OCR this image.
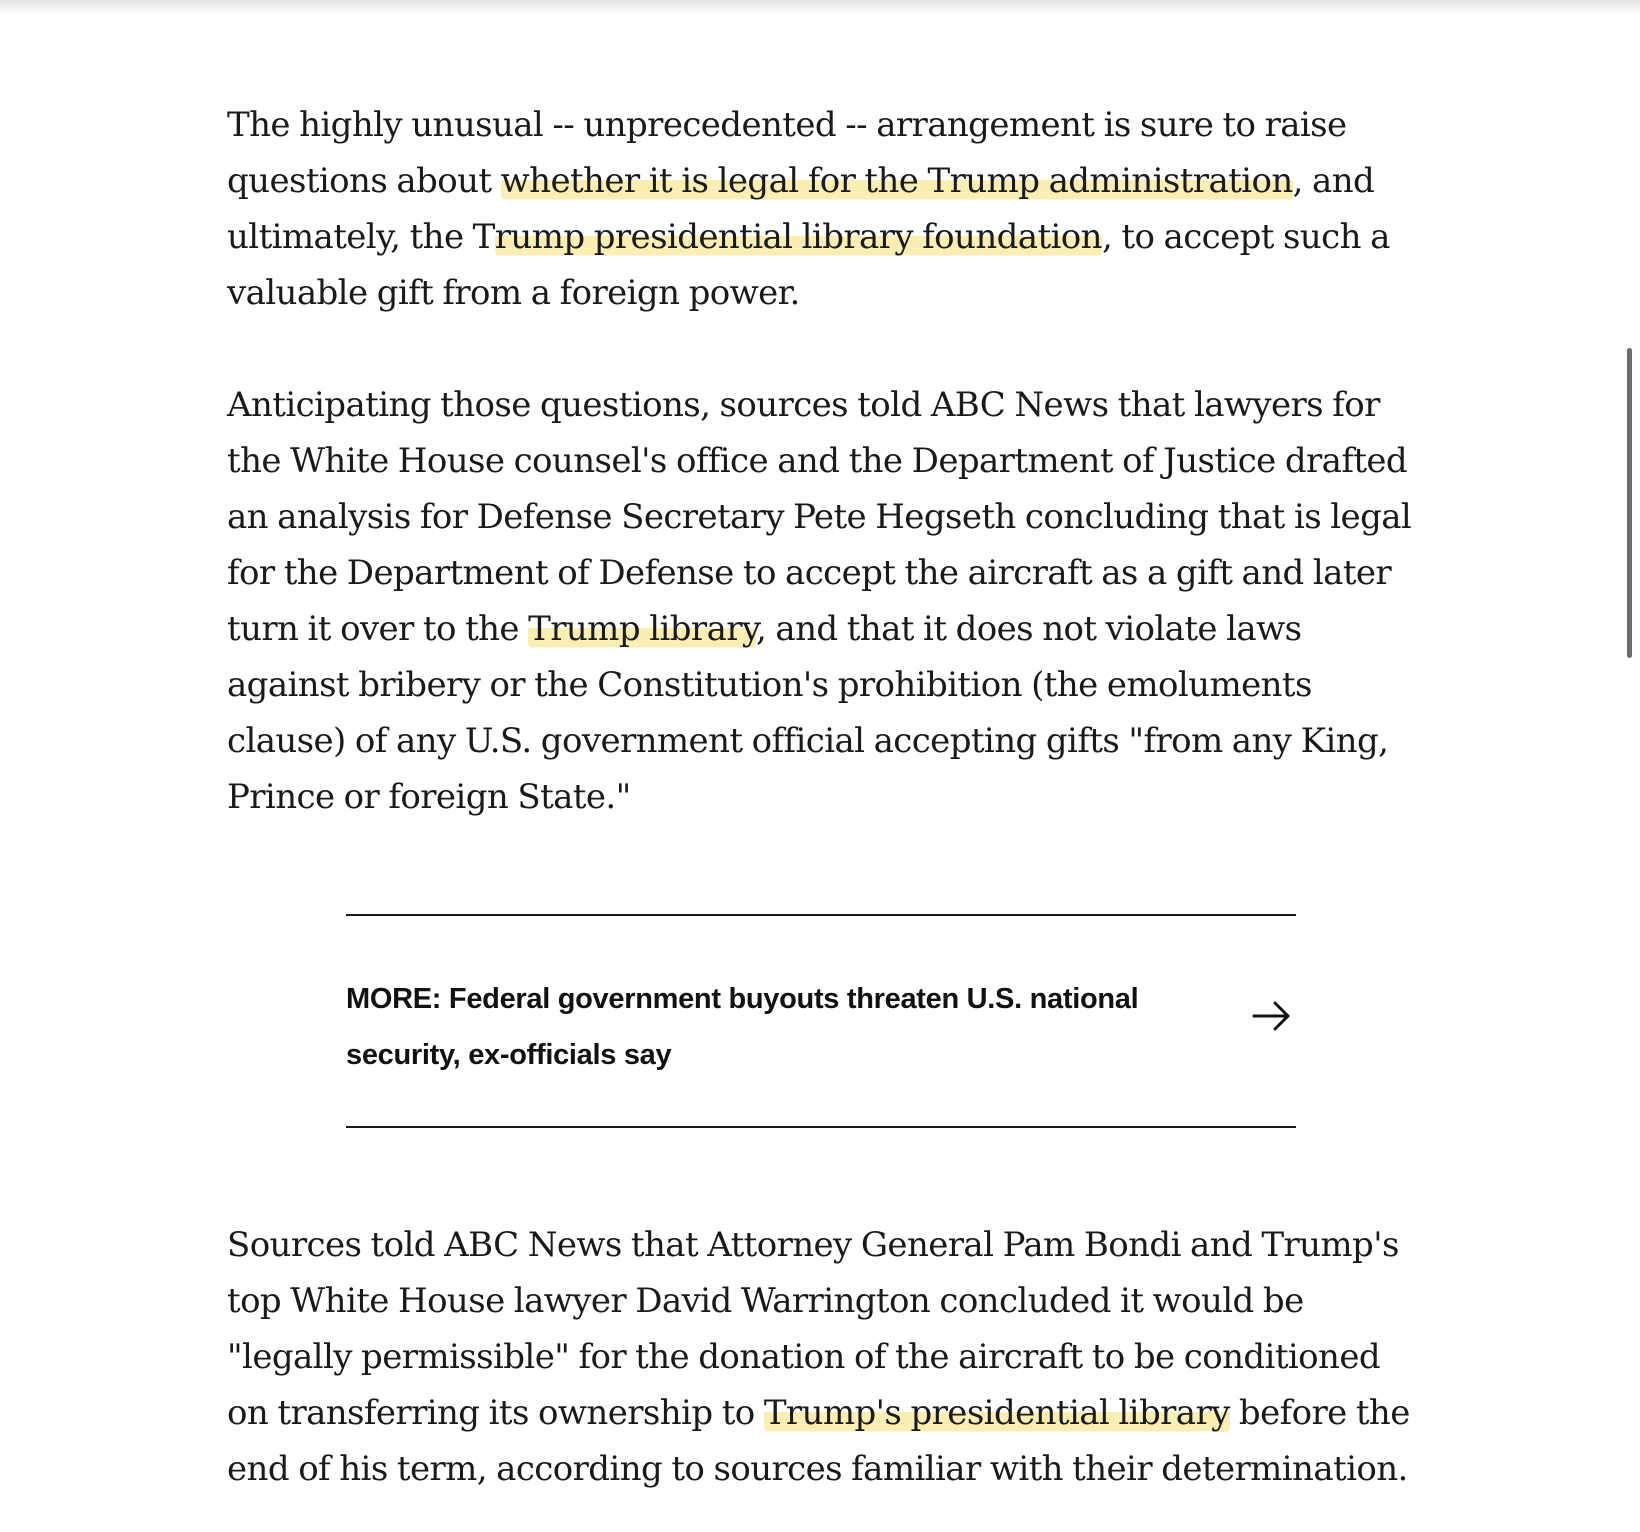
The highly unusual -- unprecedented -- arrangement is sure to raise questions about whether it is legal for the Trump administration, and ultimately, the Trump presidential library foundation, to accept such a valuable gift from a foreign power.

Anticipating those questions, sources told ABC News that lawyers for the White House counsel's office and the Department of Justice drafted an analysis for Defense Secretary Pete Hegseth concluding that is legal for the Department of Defense to accept the aircraft as a gift and later turn it over to the Trump library, and that it does not violate laws against bribery or the Constitution's prohibition (the emoluments clause) of any U.S. government official accepting gifts "from any King, Prince or foreign State."

MORE: Federal government buyouts threaten U.S. national security, ex-officials say

Sources told ABC News that Attorney General Pam Bondi and Trump's top White House lawyer David Warrington concluded it would be "legally permissible" for the donation of the aircraft to be conditioned on transferring its ownership to Trump's presidential library before the end of his term, according to sources familiar with their determination.
